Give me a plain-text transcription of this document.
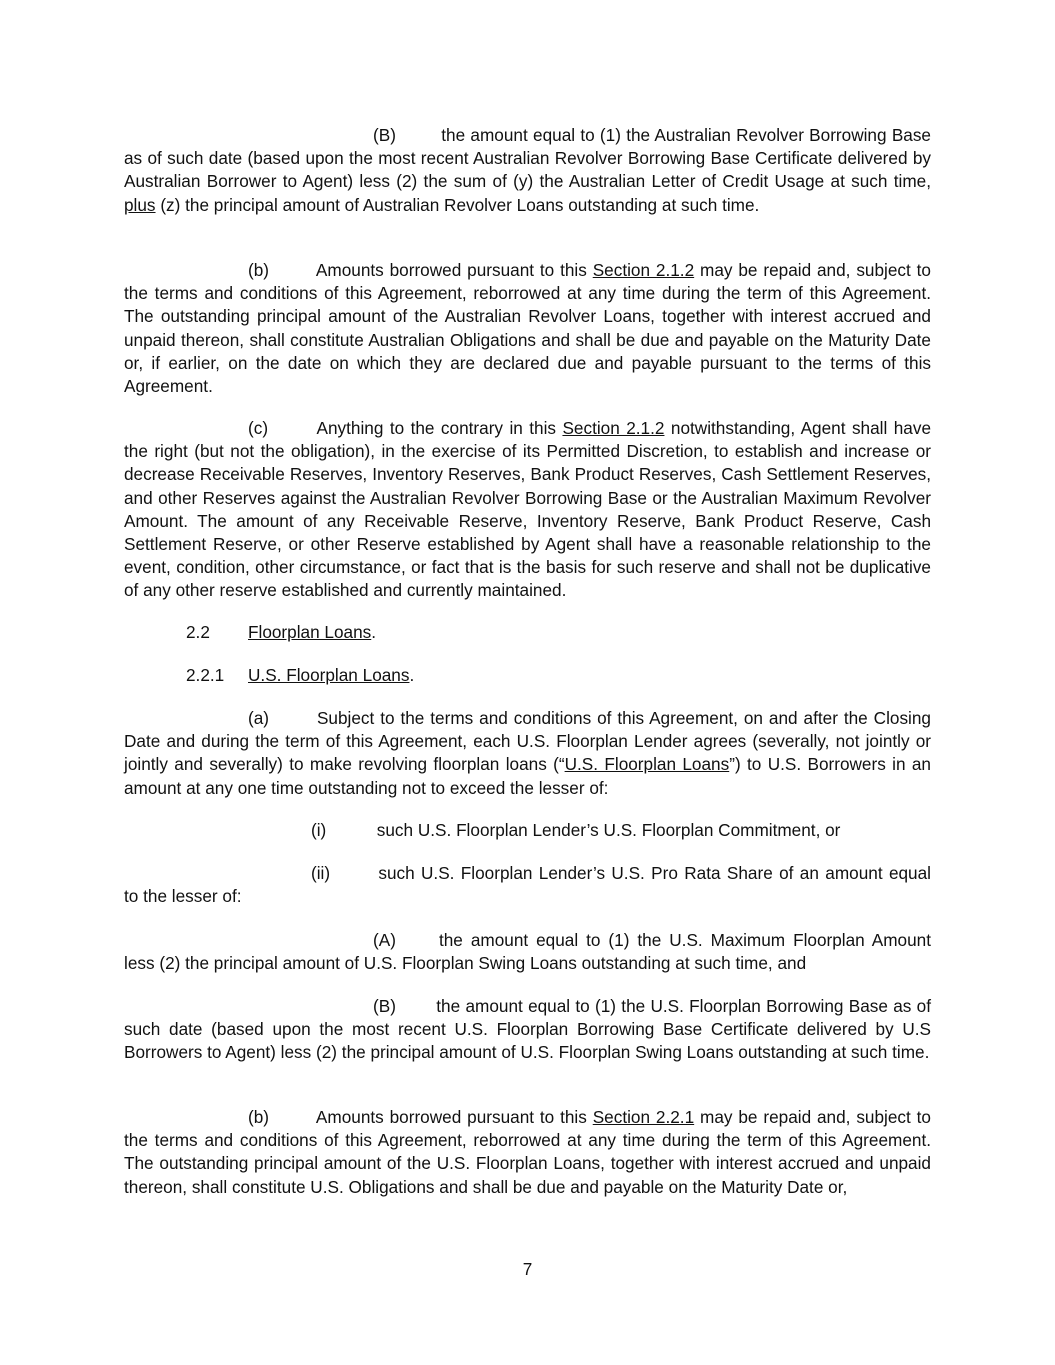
(B)	the amount equal to (1) the Australian Revolver Borrowing Base as of such date (based upon the most recent Australian Revolver Borrowing Base Certificate delivered by Australian Borrower to Agent) less (2) the sum of (y) the Australian Letter of Credit Usage at such time, plus (z) the principal amount of Australian Revolver Loans outstanding at such time.

(b)	Amounts borrowed pursuant to this Section 2.1.2 may be repaid and, subject to the terms and conditions of this Agreement, reborrowed at any time during the term of this Agreement. The outstanding principal amount of the Australian Revolver Loans, together with interest accrued and unpaid thereon, shall constitute Australian Obligations and shall be due and payable on the Maturity Date or, if earlier, on the date on which they are declared due and payable pursuant to the terms of this Agreement.

(c)	Anything to the contrary in this Section 2.1.2 notwithstanding, Agent shall have the right (but not the obligation), in the exercise of its Permitted Discretion, to establish and increase or decrease Receivable Reserves, Inventory Reserves, Bank Product Reserves, Cash Settlement Reserves, and other Reserves against the Australian Revolver Borrowing Base or the Australian Maximum Revolver Amount. The amount of any Receivable Reserve, Inventory Reserve, Bank Product Reserve, Cash Settlement Reserve, or other Reserve established by Agent shall have a reasonable relationship to the event, condition, other circumstance, or fact that is the basis for such reserve and shall not be duplicative of any other reserve established and currently maintained.

2.2 Floorplan Loans.

2.2.1 U.S. Floorplan Loans.

(a)	Subject to the terms and conditions of this Agreement, on and after the Closing Date and during the term of this Agreement, each U.S. Floorplan Lender agrees (severally, not jointly or jointly and severally) to make revolving floorplan loans (“U.S. Floorplan Loans”) to U.S. Borrowers in an amount at any one time outstanding not to exceed the lesser of:

(i)	such U.S. Floorplan Lender’s U.S. Floorplan Commitment, or

(ii)	such U.S. Floorplan Lender’s U.S. Pro Rata Share of an amount equal to the lesser of:

(A)	the amount equal to (1) the U.S. Maximum Floorplan Amount less (2) the principal amount of U.S. Floorplan Swing Loans outstanding at such time, and

(B) the amount equal to (1) the U.S. Floorplan Borrowing Base as of such date (based upon the most recent U.S. Floorplan Borrowing Base Certificate delivered by U.S Borrowers to Agent) less (2) the principal amount of U.S. Floorplan Swing Loans outstanding at such time.

(b)	Amounts borrowed pursuant to this Section 2.2.1 may be repaid and, subject to the terms and conditions of this Agreement, reborrowed at any time during the term of this Agreement. The outstanding principal amount of the U.S. Floorplan Loans, together with interest accrued and unpaid thereon, shall constitute U.S. Obligations and shall be due and payable on the Maturity Date or,

7
